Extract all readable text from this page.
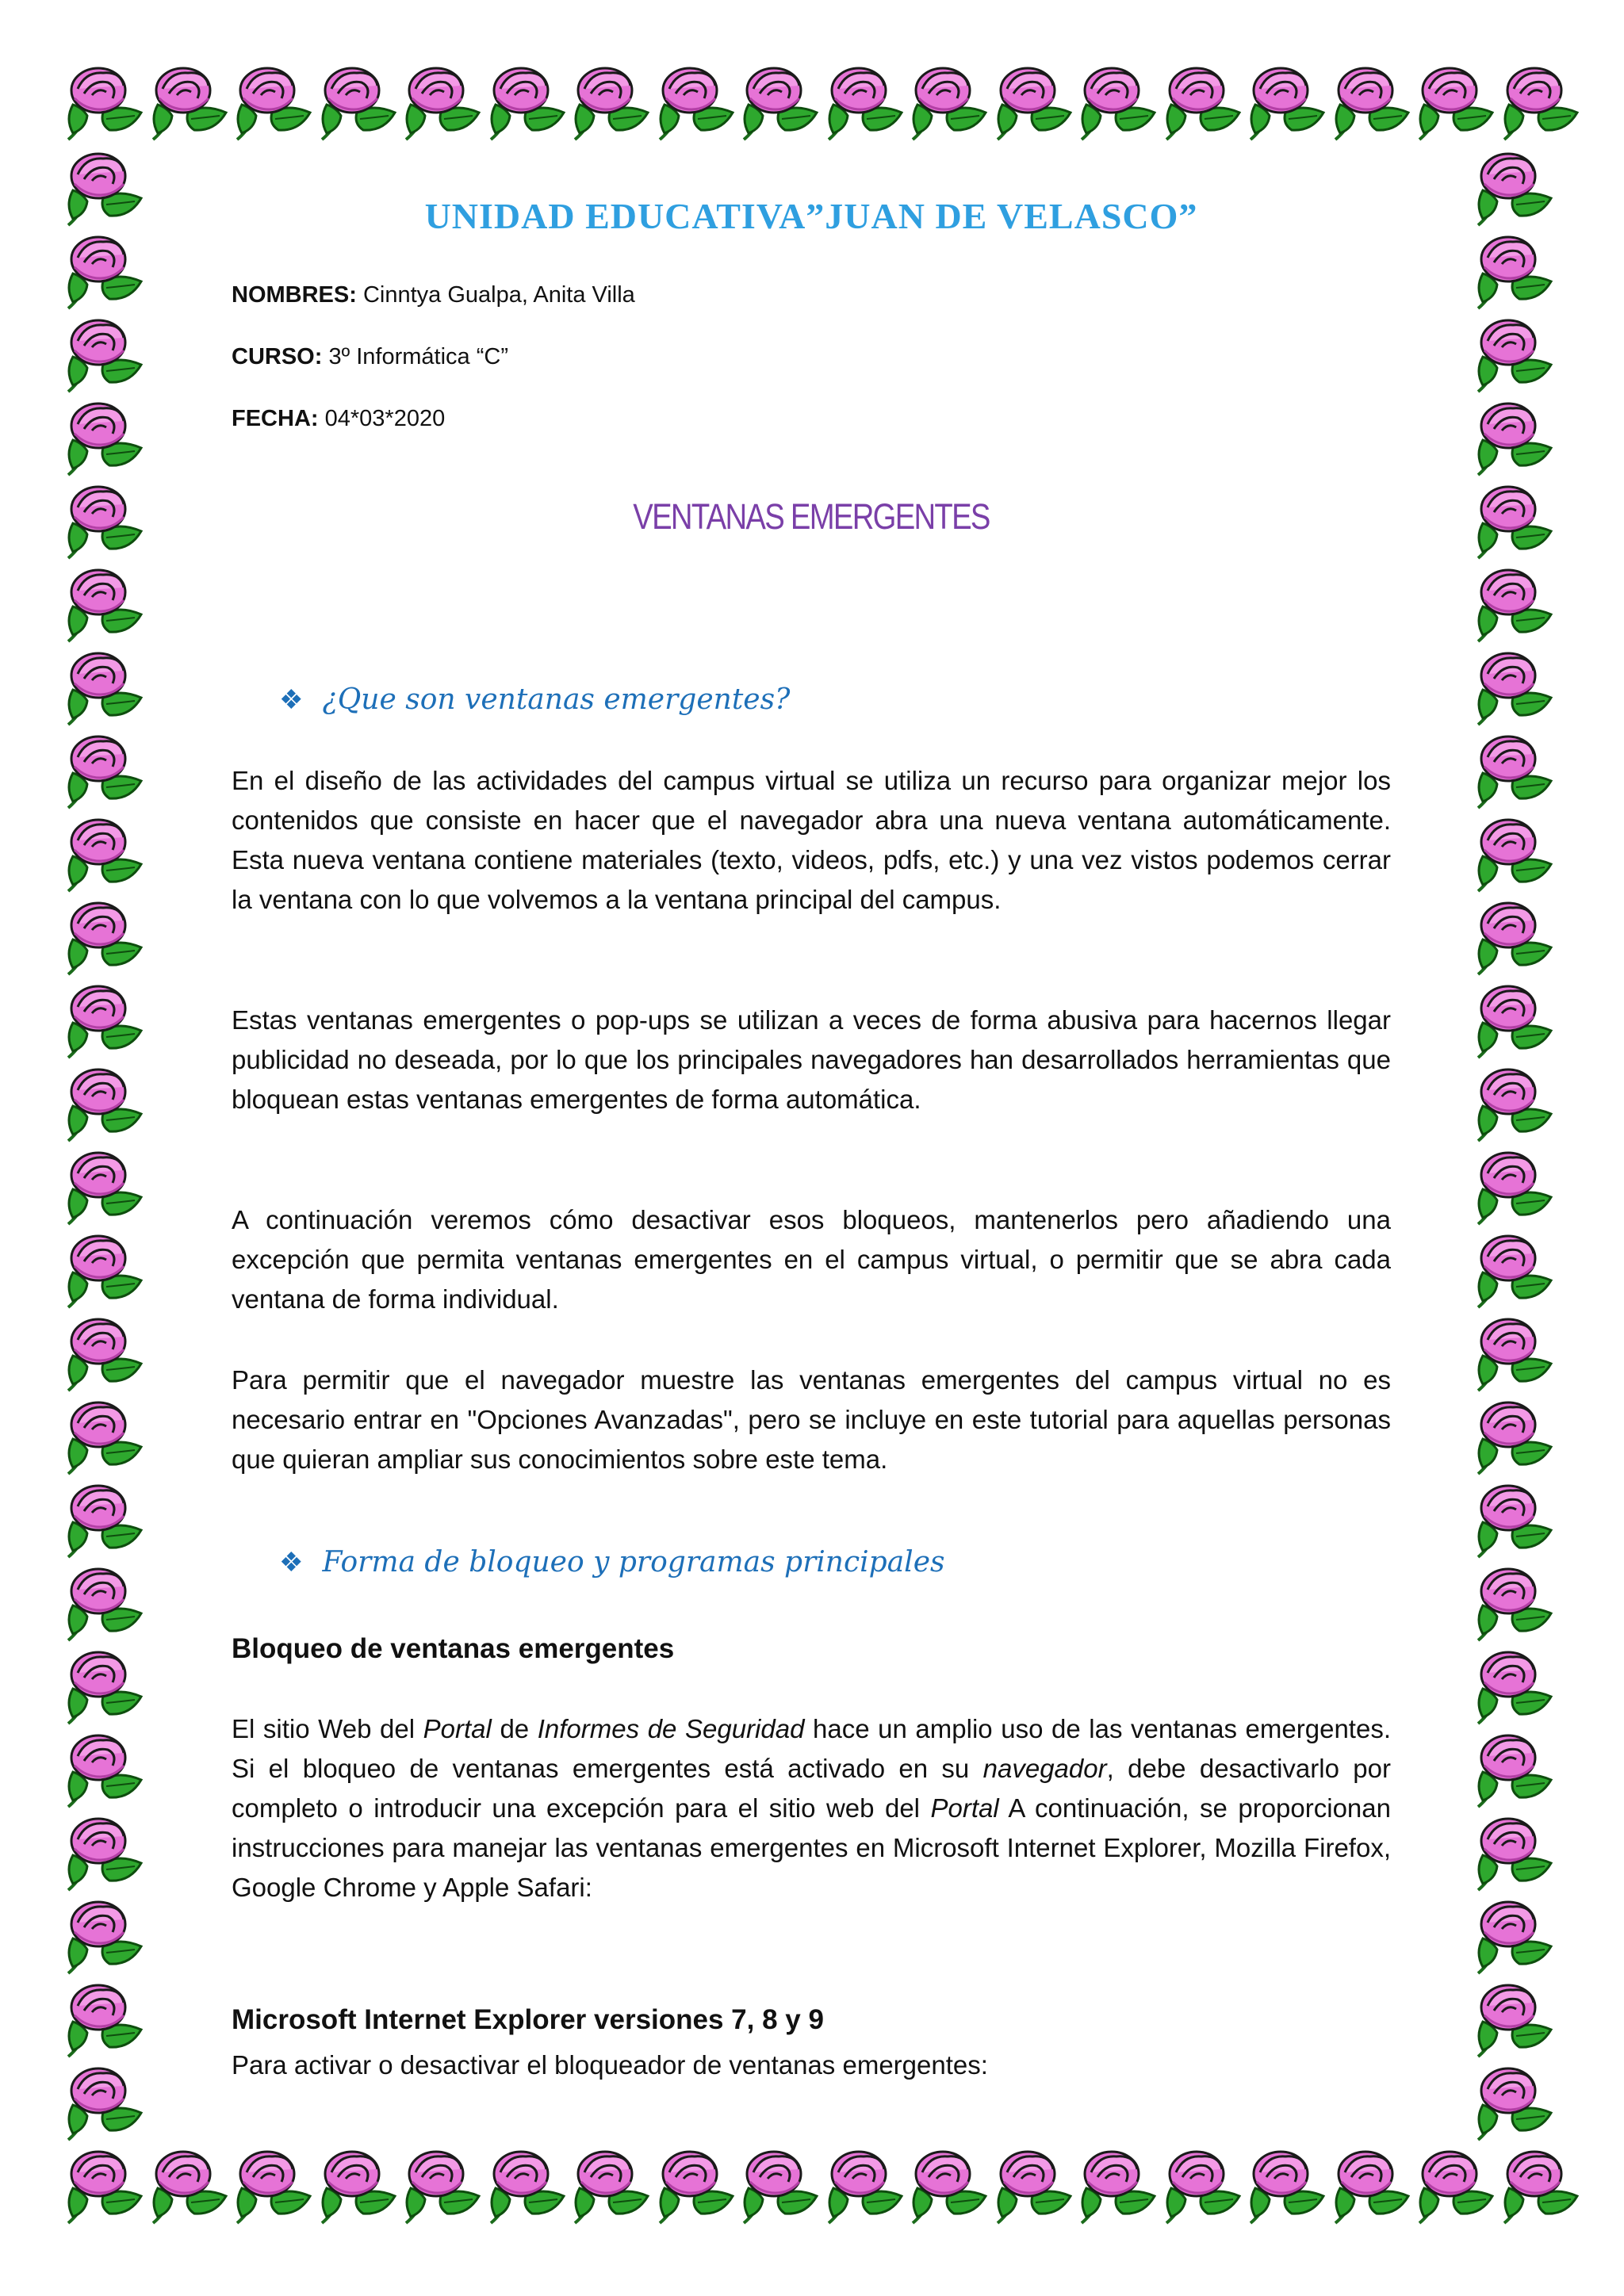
UNIDAD EDUCATIVA”JUAN DE VELASCO”
NOMBRES: Cinntya Gualpa, Anita Villa
CURSO: 3º Informática “C”
FECHA: 04*03*2020
VENTANAS EMERGENTES
❖ ¿Que son ventanas emergentes?

En el diseño de las actividades del campus virtual se utiliza un recurso para organizar mejor los contenidos que consiste en hacer que el navegador abra una nueva ventana automáticamente. Esta nueva ventana contiene materiales (texto, videos, pdfs, etc.) y una vez vistos podemos cerrar la ventana con lo que volvemos a la ventana principal del campus.

Estas ventanas emergentes o pop-ups se utilizan a veces de forma abusiva para hacernos llegar publicidad no deseada, por lo que los principales navegadores han desarrollados herramientas que bloquean estas ventanas emergentes de forma automática.

A continuación veremos cómo desactivar esos bloqueos, mantenerlos pero añadiendo una excepción que permita ventanas emergentes en el campus virtual, o permitir que se abra cada ventana de forma individual.

Para permitir que el navegador muestre las ventanas emergentes del campus virtual no es necesario entrar en "Opciones Avanzadas", pero se incluye en este tutorial para aquellas personas que quieran ampliar sus conocimientos sobre este tema.

❖ Forma de bloqueo y programas principales
Bloqueo de ventanas emergentes

El sitio Web del Portal de Informes de Seguridad hace un amplio uso de las ventanas emergentes. Si el bloqueo de ventanas emergentes está activado en su navegador, debe desactivarlo por completo o introducir una excepción para el sitio web del Portal A continuación, se proporcionan instrucciones para manejar las ventanas emergentes en Microsoft Internet Explorer, Mozilla Firefox, Google Chrome y Apple Safari:

Microsoft Internet Explorer versiones 7, 8 y 9
Para activar o desactivar el bloqueador de ventanas emergentes:
